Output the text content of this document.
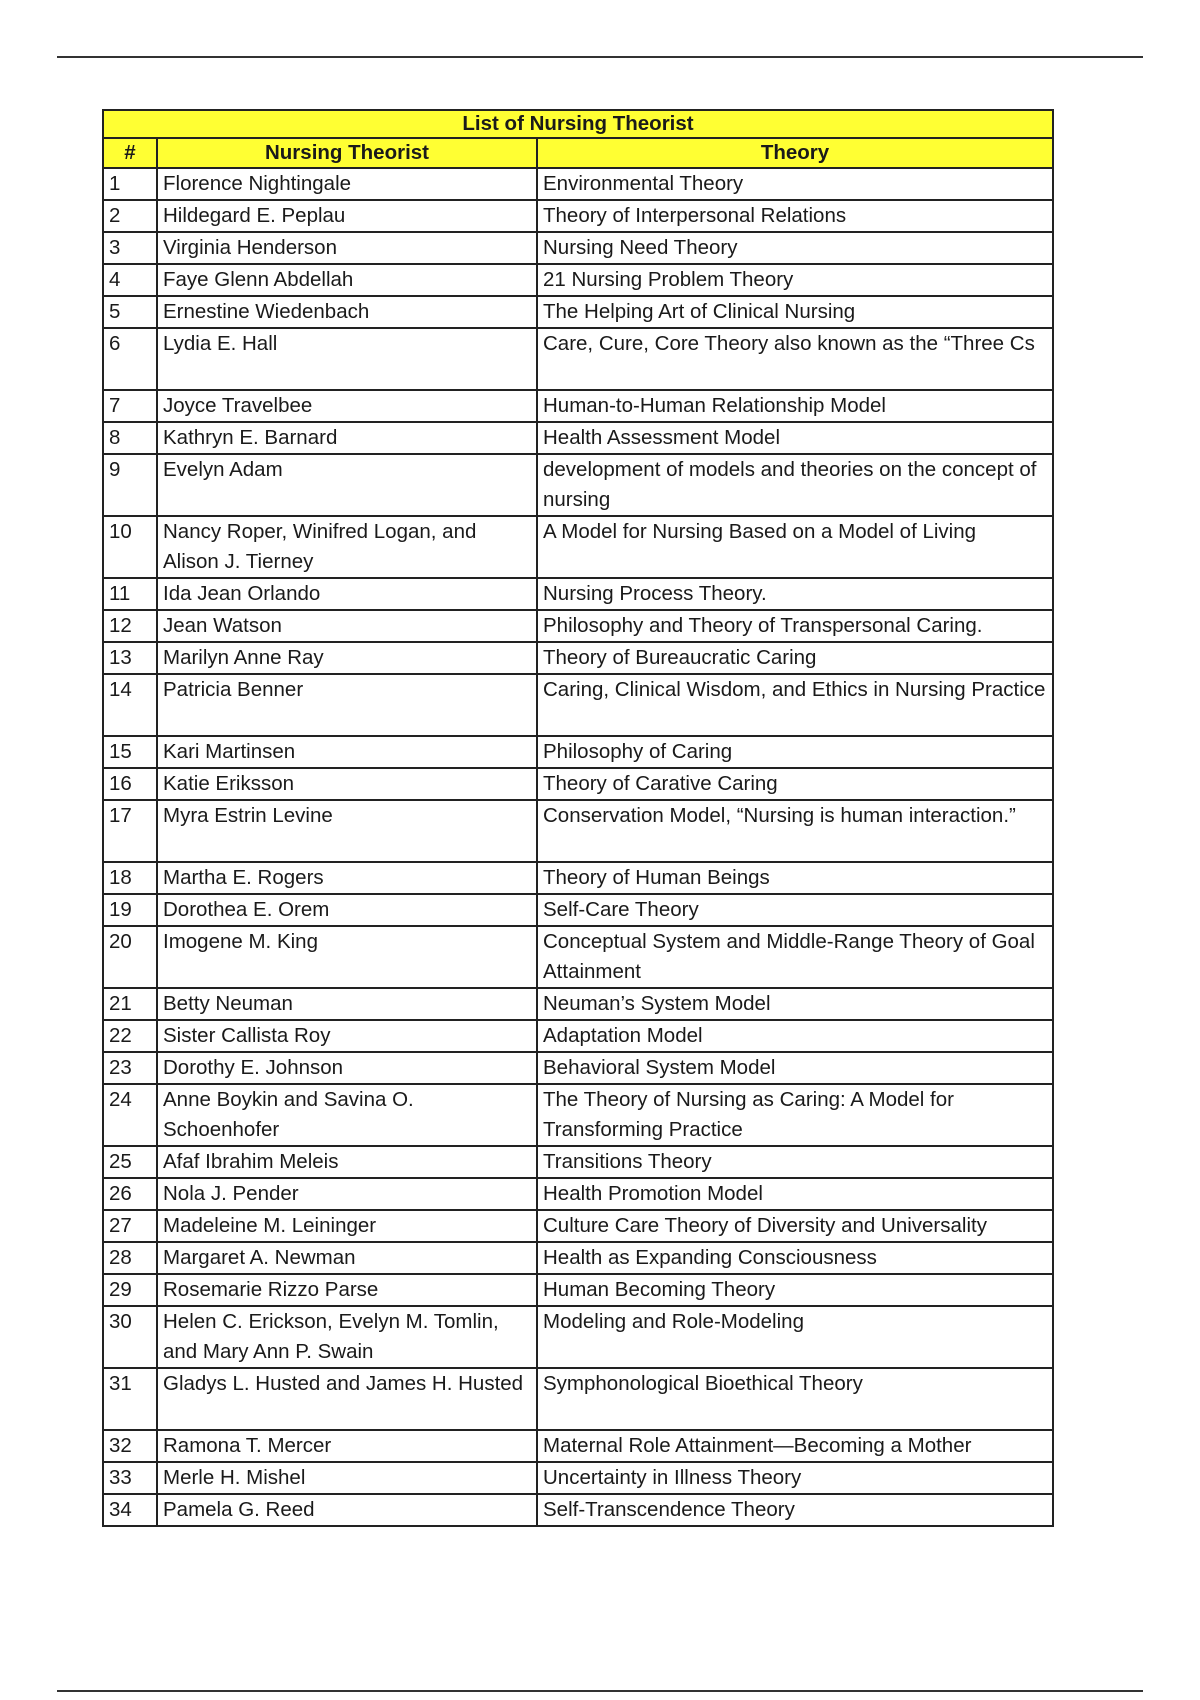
List of Nursing Theorist		
#	Nursing Theorist	Theory
1	Florence Nightingale	Environmental Theory
2	Hildegard E. Peplau	Theory of Interpersonal Relations
3	Virginia Henderson	Nursing Need Theory
4	Faye Glenn Abdellah	21 Nursing Problem Theory
5	Ernestine Wiedenbach	The Helping Art of Clinical Nursing
6	Lydia E. Hall	Care, Cure, Core Theory also known as the “Three Cs
7	Joyce Travelbee	Human-to-Human Relationship Model
8	Kathryn E. Barnard	Health Assessment Model
9	Evelyn Adam	development of models and theories on the concept of nursing
10	Nancy Roper, Winifred Logan, and Alison J. Tierney	A Model for Nursing Based on a Model of Living
11	Ida Jean Orlando	Nursing Process Theory.
12	Jean Watson	Philosophy and Theory of Transpersonal Caring.
13	Marilyn Anne Ray	Theory of Bureaucratic Caring
14	Patricia Benner	Caring, Clinical Wisdom, and Ethics in Nursing Practice
15	Kari Martinsen	Philosophy of Caring
16	Katie Eriksson	Theory of Carative Caring
17	Myra Estrin Levine	Conservation Model, “Nursing is human interaction.”
18	Martha E. Rogers	Theory of Human Beings
19	Dorothea E. Orem	Self-Care Theory
20	Imogene M. King	Conceptual System and Middle-Range Theory of Goal Attainment
21	Betty Neuman	Neuman’s System Model
22	Sister Callista Roy	Adaptation Model
23	Dorothy E. Johnson	Behavioral System Model
24	Anne Boykin and Savina O. Schoenhofer	The Theory of Nursing as Caring: A Model for Transforming Practice
25	Afaf Ibrahim Meleis	Transitions Theory
26	Nola J. Pender	Health Promotion Model
27	Madeleine M. Leininger	Culture Care Theory of Diversity and Universality
28	Margaret A. Newman	Health as Expanding Consciousness
29	Rosemarie Rizzo Parse	Human Becoming Theory
30	Helen C. Erickson, Evelyn M. Tomlin, and Mary Ann P. Swain	Modeling and Role-Modeling
31	Gladys L. Husted and James H. Husted	Symphonological Bioethical Theory
32	Ramona T. Mercer	Maternal Role Attainment—Becoming a Mother
33	Merle H. Mishel	Uncertainty in Illness Theory
34	Pamela G. Reed	Self-Transcendence Theory
